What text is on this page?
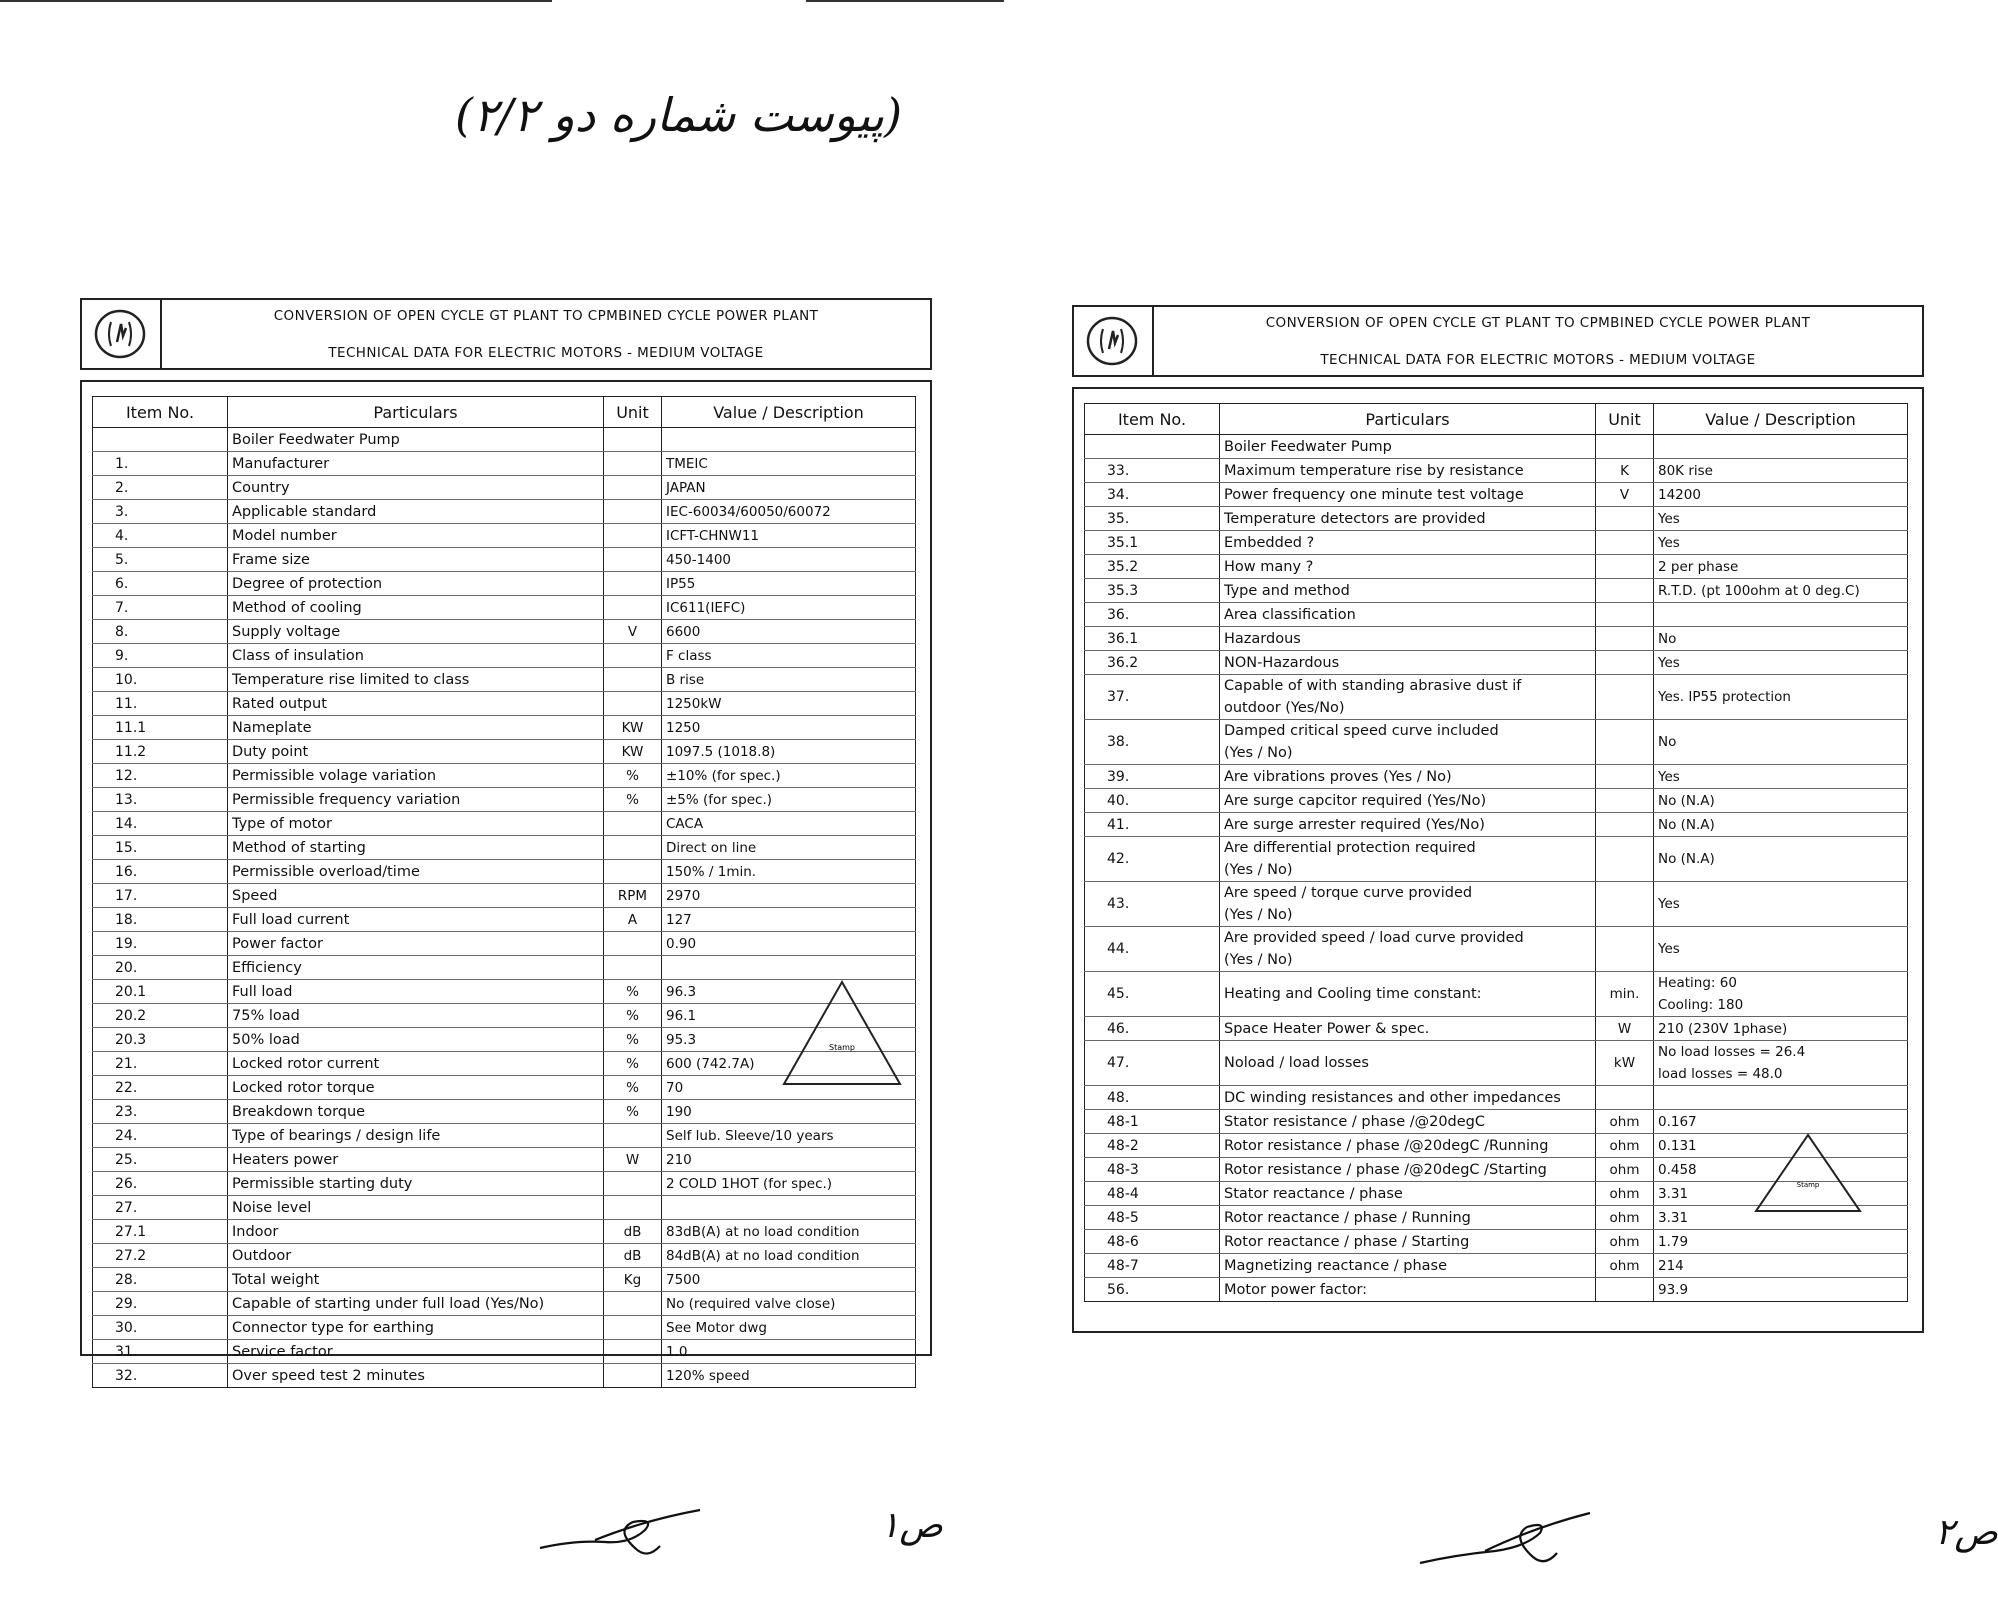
(پیوست شماره دو ۲/۲)
CONVERSION OF OPEN CYCLE GT PLANT TO CPMBINED CYCLE POWER PLANT
TECHNICAL DATA FOR ELECTRIC MOTORS - MEDIUM VOLTAGE
Item No.	Particulars	Unit	Value / Description
	Boiler Feedwater Pump		
1.	Manufacturer		TMEIC
2.	Country		JAPAN
3.	Applicable standard		IEC-60034/60050/60072
4.	Model number		ICFT-CHNW11
5.	Frame size		450-1400
6.	Degree of protection		IP55
7.	Method of cooling		IC611(IEFC)
8.	Supply voltage	V	6600
9.	Class of insulation		F class
10.	Temperature rise limited to class		B rise
11.	Rated output		1250kW
11.1	Nameplate	KW	1250
11.2	Duty point	KW	1097.5 (1018.8)
12.	Permissible volage variation	%	±10% (for spec.)
13.	Permissible frequency variation	%	±5% (for spec.)
14.	Type of motor		CACA
15.	Method of starting		Direct on line
16.	Permissible overload/time		150% / 1min.
17.	Speed	RPM	2970
18.	Full load current	A	127
19.	Power factor		0.90
20.	Efficiency		
20.1	Full load	%	96.3
20.2	75% load	%	96.1
20.3	50% load	%	95.3
21.	Locked rotor current	%	600 (742.7A)
22.	Locked rotor torque	%	70
23.	Breakdown torque	%	190
24.	Type of bearings / design life		Self lub. Sleeve/10 years
25.	Heaters power	W	210
26.	Permissible starting duty		2 COLD 1HOT (for spec.)
27.	Noise level		
27.1	Indoor	dB	83dB(A) at no load condition
27.2	Outdoor	dB	84dB(A) at no load condition
28.	Total weight	Kg	7500
29.	Capable of starting under full load (Yes/No)		No (required valve close)
30.	Connector type for earthing		See Motor dwg
31.	Service factor		1.0
32.	Over speed test 2 minutes		120% speed
Stamp
CONVERSION OF OPEN CYCLE GT PLANT TO CPMBINED CYCLE POWER PLANT
TECHNICAL DATA FOR ELECTRIC MOTORS - MEDIUM VOLTAGE
Item No.	Particulars	Unit	Value / Description
	Boiler Feedwater Pump		
33.	Maximum temperature rise by resistance	K	80K rise
34.	Power frequency one minute test voltage	V	14200
35.	Temperature detectors are provided		Yes
35.1	Embedded ?		Yes
35.2	How many ?		2 per phase
35.3	Type and method		R.T.D. (pt 100ohm at 0 deg.C)
36.	Area classification		
36.1	Hazardous		No
36.2	NON-Hazardous		Yes

37.	Capable of with standing abrasive dust if
outdoor (Yes/No)		Yes. IP55 protection

38.	Damped critical speed curve included
(Yes / No)		No

39.	Are vibrations proves (Yes / No)		Yes
40.	Are surge capcitor required (Yes/No)		No (N.A)
41.	Are surge arrester required (Yes/No)		No (N.A)

42.	Are differential protection required
(Yes / No)		No (N.A)

43.	Are speed / torque curve provided
(Yes / No)		Yes

44.	Are provided speed / load curve provided
(Yes / No)		Yes

45.	Heating and Cooling time constant:	min.	Heating: 60
Cooling: 180

46.	Space Heater Power & spec.	W	210 (230V 1phase)

47.	Noload / load losses	kW	No load losses = 26.4
load losses = 48.0

48.	DC winding resistances and other impedances		
48-1	Stator resistance / phase /@20degC	ohm	0.167
48-2	Rotor resistance / phase /@20degC /Running	ohm	0.131
48-3	Rotor resistance / phase /@20degC /Starting	ohm	0.458
48-4	Stator reactance / phase	ohm	3.31
48-5	Rotor reactance / phase / Running	ohm	3.31
48-6	Rotor reactance / phase / Starting	ohm	1.79
48-7	Magnetizing reactance / phase	ohm	214
56.	Motor power factor:		93.9
Stamp
ص۱	۲ص
